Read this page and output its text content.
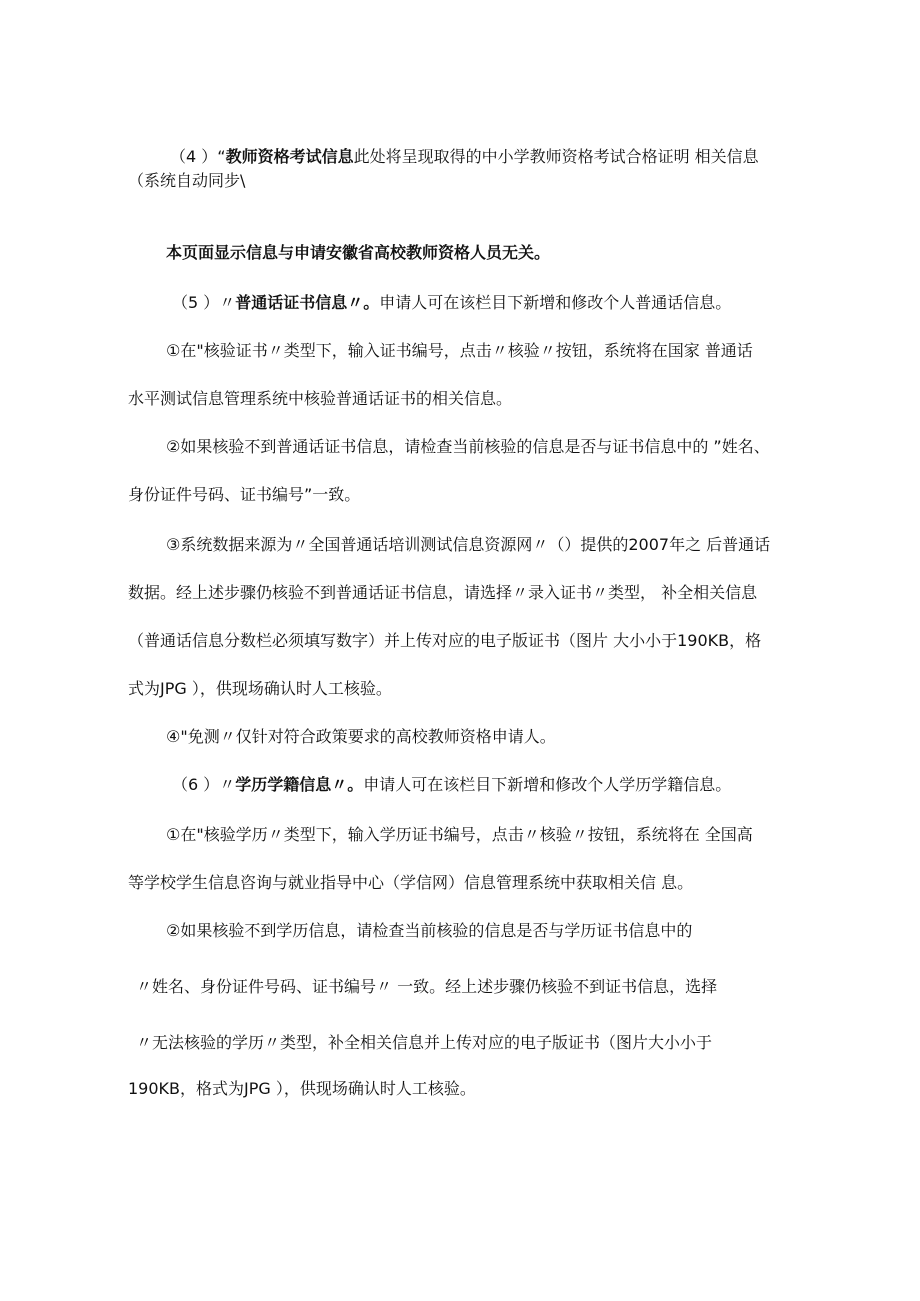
（4 ）“教师资格考试信息此处将呈现取得的中小学教师资格考试合格证明 相关信息

（系统自动同步\

本页面显示信息与申请安徽省高校教师资格人员无关。

（5 ）〃普通话证书信息〃。申请人可在该栏目下新增和修改个人普通话信息。

①在"核验证书〃类型下，输入证书编号，点击〃核验〃按钮，系统将在国家 普通话

水平测试信息管理系统中核验普通话证书的相关信息。

②如果核验不到普通话证书信息，请检查当前核验的信息是否与证书信息中的 ”姓名、

身份证件号码、证书编号”一致。

③系统数据来源为〃全国普通话培训测试信息资源网〃（）提供的2007年之 后普通话

数据。经上述步骤仍核验不到普通话证书信息，请选择〃录入证书〃类型， 补全相关信息

（普通话信息分数栏必须填写数字）并上传对应的电子版证书（图片 大小小于190KB，格

式为JPG ），供现场确认时人工核验。

④"免测〃仅针对符合政策要求的高校教师资格申请人。

（6 ）〃学历学籍信息〃。申请人可在该栏目下新增和修改个人学历学籍信息。

①在"核验学历〃类型下，输入学历证书编号，点击〃核验〃按钮，系统将在 全国高

等学校学生信息咨询与就业指导中心（学信网）信息管理系统中获取相关信 息。

②如果核验不到学历信息，请检查当前核验的信息是否与学历证书信息中的

〃姓名、身份证件号码、证书编号〃 一致。经上述步骤仍核验不到证书信息，选择

〃无法核验的学历〃类型，补全相关信息并上传对应的电子版证书（图片大小小于

190KB，格式为JPG ），供现场确认时人工核验。
